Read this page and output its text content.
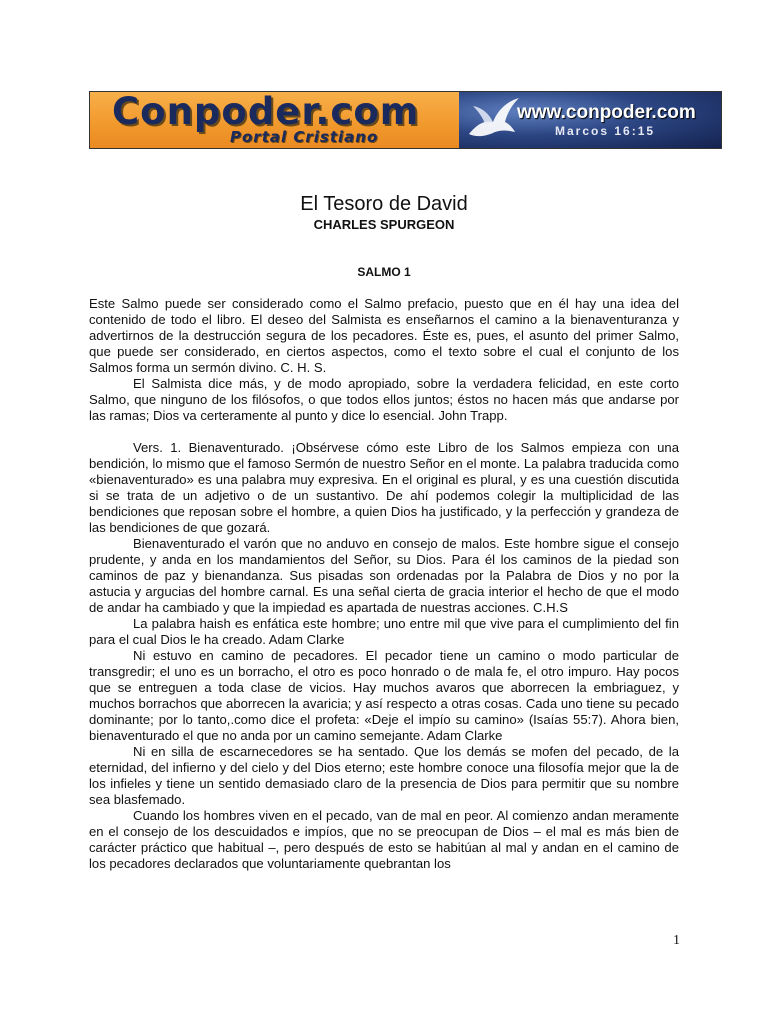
Conpoder.com
Portal Cristiano
www.conpoder.com
Marcos 16:15
El Tesoro de David
CHARLES SPURGEON
SALMO 1

Este Salmo puede ser considerado como el Salmo prefacio, puesto que en él hay una idea del contenido de todo el libro. El deseo del Salmista es enseñarnos el camino a la bienaventuranza y advertirnos de la destrucción segura de los pecadores. Éste es, pues, el asunto del primer Salmo, que puede ser considerado, en ciertos aspectos, como el texto sobre el cual el conjunto de los Salmos forma un sermón divino. C. H. S.

El Salmista dice más, y de modo apropiado, sobre la verdadera felicidad, en este corto Salmo, que ninguno de los filósofos, o que todos ellos juntos; éstos no hacen más que andarse por las ramas; Dios va certeramente al punto y dice lo esencial. John Trapp.

Vers. 1. Bienaventurado. ¡Obsérvese cómo este Libro de los Salmos empieza con una bendición, lo mismo que el famoso Sermón de nuestro Señor en el monte. La palabra traducida como «bienaventurado» es una palabra muy expresiva. En el original es plural, y es una cuestión discutida si se trata de un adjetivo o de un sustantivo. De ahí podemos colegir la multiplicidad de las bendiciones que reposan sobre el hombre, a quien Dios ha justificado, y la perfección y grandeza de las bendiciones de que gozará.

Bienaventurado el varón que no anduvo en consejo de malos. Este hombre sigue el consejo prudente, y anda en los mandamientos del Señor, su Dios. Para él los caminos de la piedad son caminos de paz y bienandanza. Sus pisadas son ordenadas por la Palabra de Dios y no por la astucia y argucias del hombre carnal. Es una señal cierta de gracia interior el hecho de que el modo de andar ha cambiado y que la impiedad es apartada de nuestras acciones. C.H.S

La palabra haish es enfática este hombre; uno entre mil que vive para el cumplimiento del fin para el cual Dios le ha creado. Adam Clarke

Ni estuvo en camino de pecadores. El pecador tiene un camino o modo particular de transgredir; el uno es un borracho, el otro es poco honrado o de mala fe, el otro impuro. Hay pocos que se entreguen a toda clase de vicios. Hay muchos avaros que aborrecen la embriaguez, y muchos borrachos que aborrecen la avaricia; y así respecto a otras cosas. Cada uno tiene su pecado dominante; por lo tanto,.como dice el profeta: «Deje el impío su camino» (Isaías 55:7). Ahora bien, bienaventurado el que no anda por un camino semejante. Adam Clarke

Ni en silla de escarnecedores se ha sentado. Que los demás se mofen del pecado, de la eternidad, del infierno y del cielo y del Dios eterno; este hombre conoce una filosofía mejor que la de los infieles y tiene un sentido demasiado claro de la presencia de Dios para permitir que su nombre sea blasfemado.

Cuando los hombres viven en el pecado, van de mal en peor. Al comienzo andan meramente en el consejo de los descuidados e impíos, que no se preocupan de Dios – el mal es más bien de carácter práctico que habitual –, pero después de esto se habitúan al mal y andan en el camino de los pecadores declarados que voluntariamente quebrantan los

1
